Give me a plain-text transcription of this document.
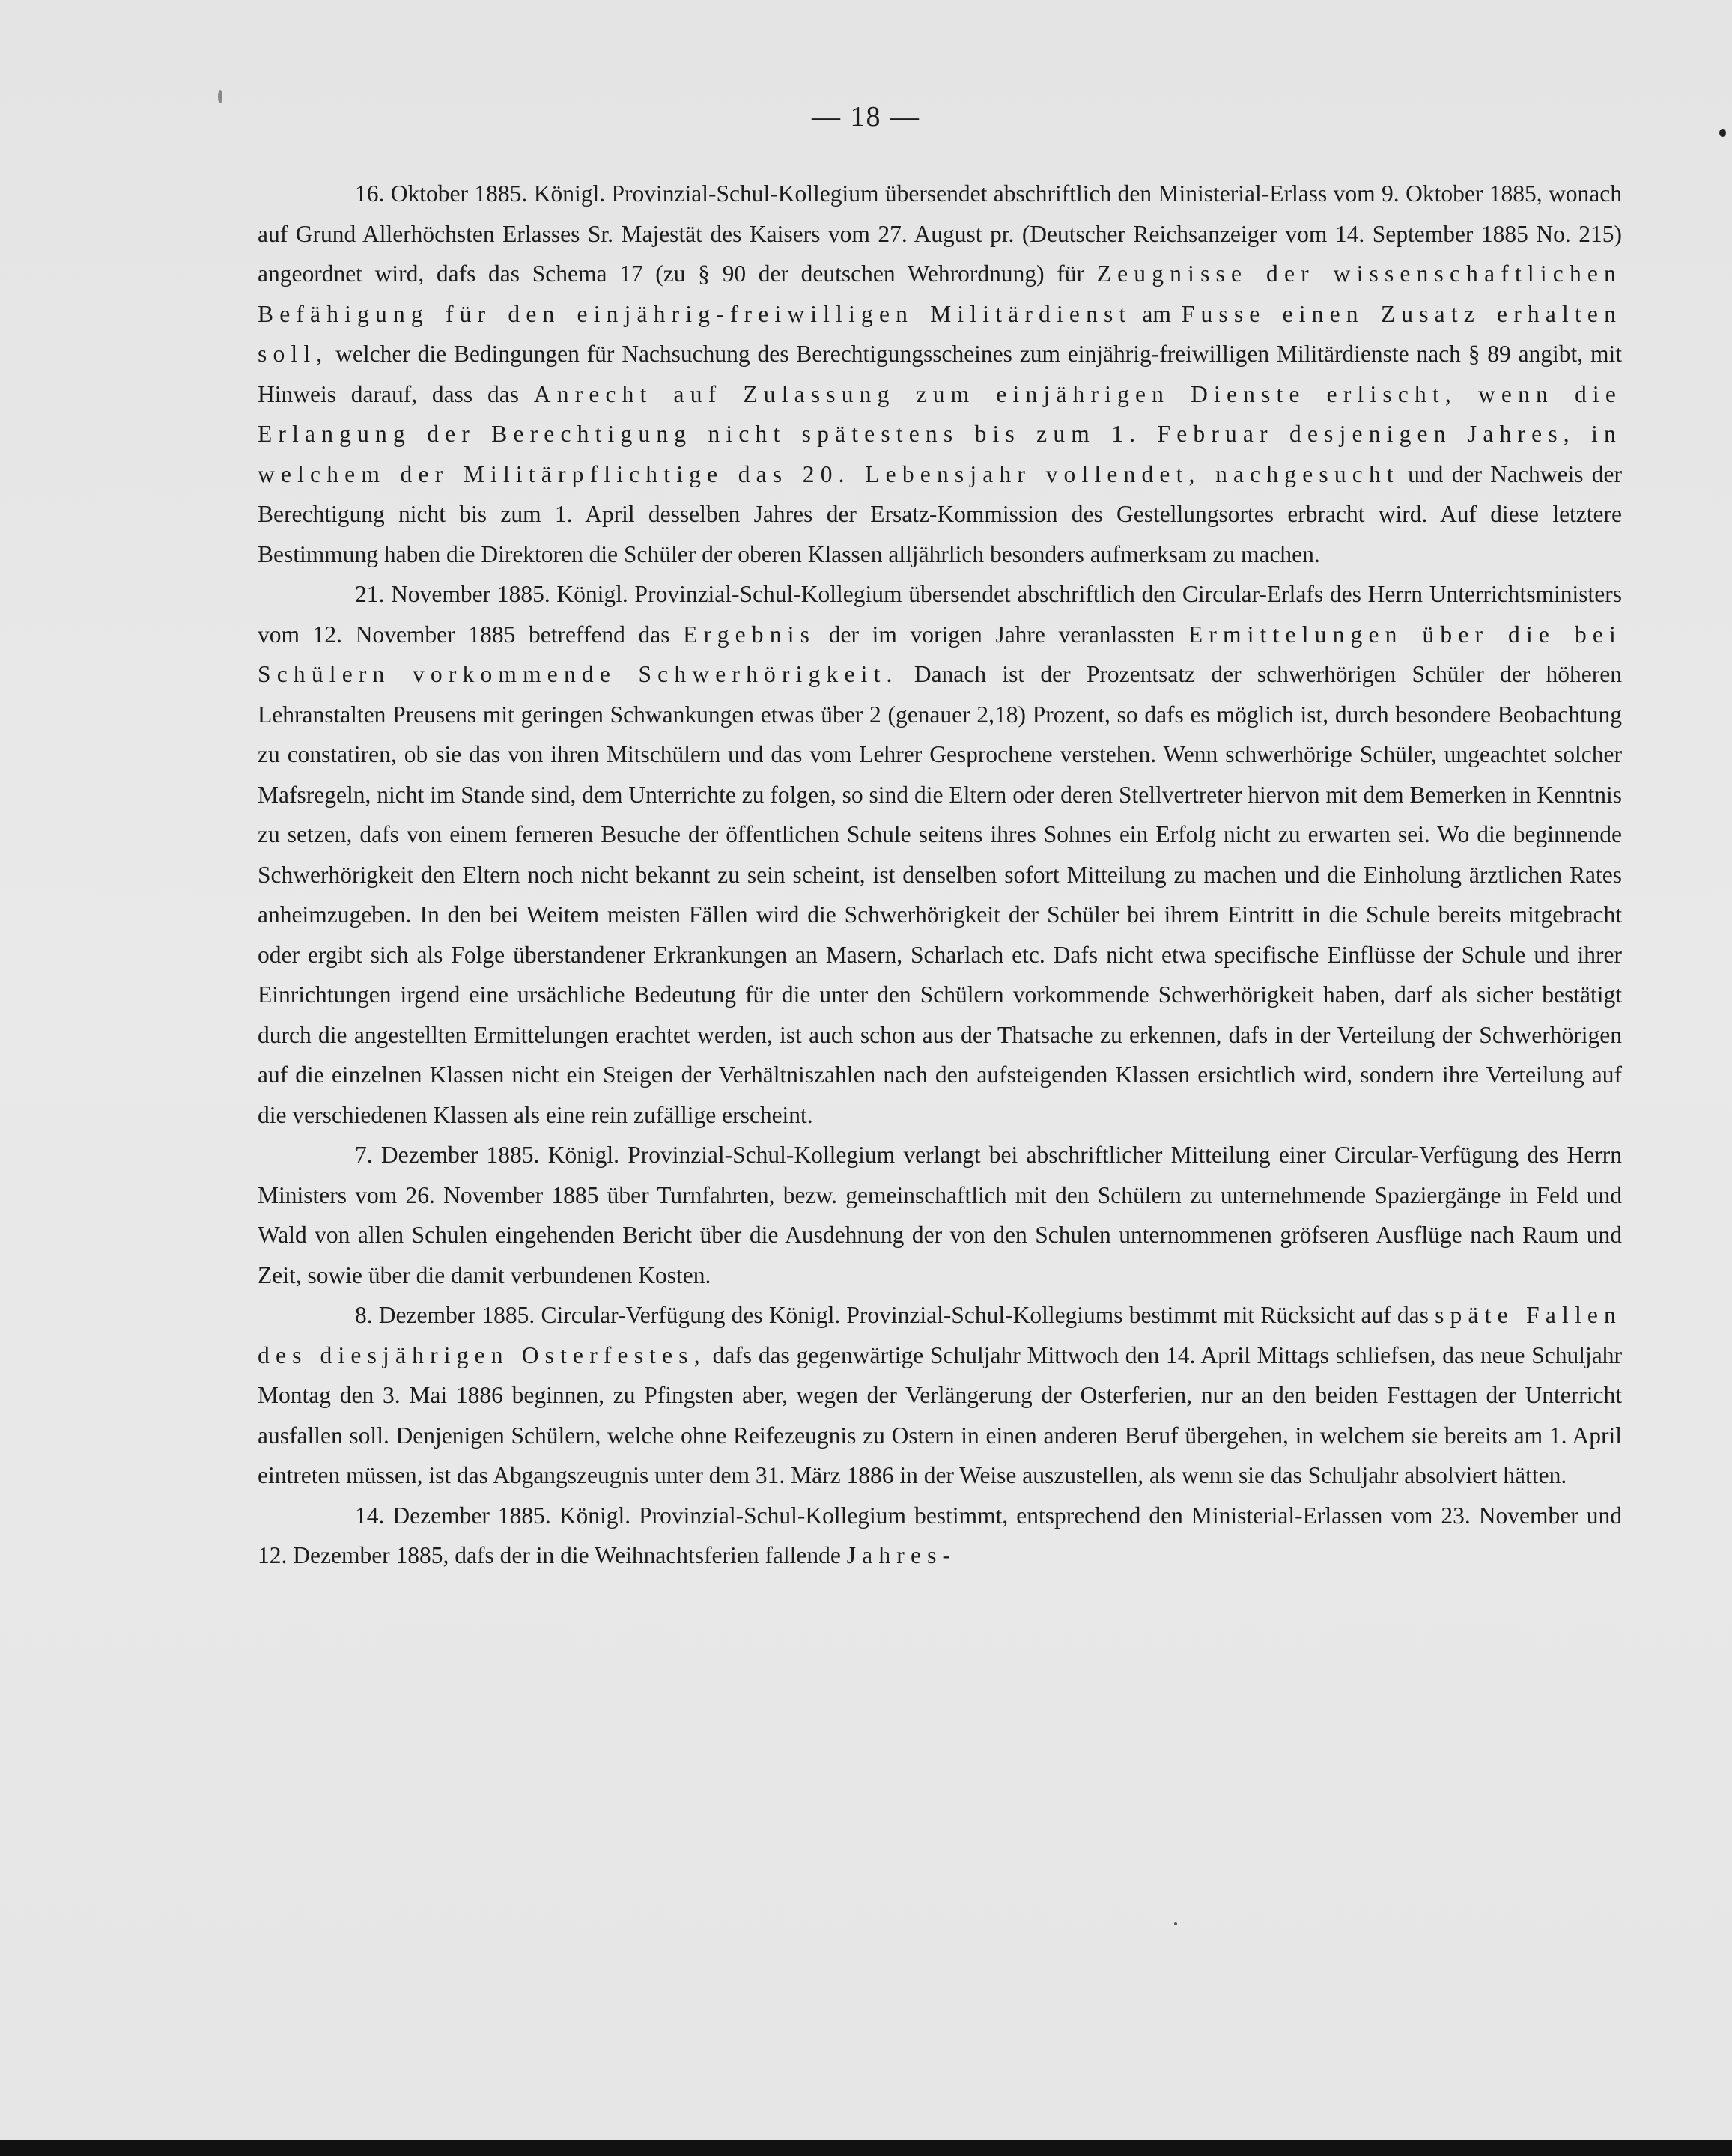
— 18 —

16. Oktober 1885. Königl. Provinzial-Schul-Kollegium übersendet abschriftlich den Ministerial-Erlass vom 9. Oktober 1885, wonach auf Grund Allerhöchsten Erlasses Sr. Majestät des Kaisers vom 27. August pr. (Deutscher Reichsanzeiger vom 14. September 1885 No. 215) angeordnet wird, dafs das Schema 17 (zu § 90 der deutschen Wehrordnung) für Zeugnisse der wissenschaftlichen Befähigung für den einjährig-freiwilligen Militärdienst am Fusse einen Zusatz erhalten soll, welcher die Bedingungen für Nachsuchung des Berechtigungsscheines zum einjährig-freiwilligen Militärdienste nach § 89 angibt, mit Hinweis darauf, dass das Anrecht auf Zulassung zum einjährigen Dienste erlischt, wenn die Erlangung der Berechtigung nicht spätestens bis zum 1. Februar desjenigen Jahres, in welchem der Militärpflichtige das 20. Lebensjahr vollendet, nachgesucht und der Nachweis der Berechtigung nicht bis zum 1. April desselben Jahres der Ersatz-Kommission des Gestellungsortes erbracht wird. Auf diese letztere Bestimmung haben die Direktoren die Schüler der oberen Klassen alljährlich besonders aufmerksam zu machen.

21. November 1885. Königl. Provinzial-Schul-Kollegium übersendet abschriftlich den Circular-Erlafs des Herrn Unterrichtsministers vom 12. November 1885 betreffend das Ergebnis der im vorigen Jahre veranlassten Ermittelungen über die bei Schülern vorkommende Schwerhörigkeit. Danach ist der Prozentsatz der schwerhörigen Schüler der höheren Lehranstalten Preusens mit geringen Schwankungen etwas über 2 (genauer 2,18) Prozent, so dafs es möglich ist, durch besondere Beobachtung zu constatiren, ob sie das von ihren Mitschülern und das vom Lehrer Gesprochene verstehen. Wenn schwerhörige Schüler, ungeachtet solcher Mafsregeln, nicht im Stande sind, dem Unterrichte zu folgen, so sind die Eltern oder deren Stellvertreter hiervon mit dem Bemerken in Kenntnis zu setzen, dafs von einem ferneren Besuche der öffentlichen Schule seitens ihres Sohnes ein Erfolg nicht zu erwarten sei. Wo die beginnende Schwerhörigkeit den Eltern noch nicht bekannt zu sein scheint, ist denselben sofort Mitteilung zu machen und die Einholung ärztlichen Rates anheimzugeben. In den bei Weitem meisten Fällen wird die Schwerhörigkeit der Schüler bei ihrem Eintritt in die Schule bereits mitgebracht oder ergibt sich als Folge überstandener Erkrankungen an Masern, Scharlach etc. Dafs nicht etwa specifische Einflüsse der Schule und ihrer Einrichtungen irgend eine ursächliche Bedeutung für die unter den Schülern vorkommende Schwerhörigkeit haben, darf als sicher bestätigt durch die angestellten Ermittelungen erachtet werden, ist auch schon aus der Thatsache zu erkennen, dafs in der Verteilung der Schwerhörigen auf die einzelnen Klassen nicht ein Steigen der Verhältniszahlen nach den aufsteigenden Klassen ersichtlich wird, sondern ihre Verteilung auf die verschiedenen Klassen als eine rein zufällige erscheint.

7. Dezember 1885. Königl. Provinzial-Schul-Kollegium verlangt bei abschriftlicher Mitteilung einer Circular-Verfügung des Herrn Ministers vom 26. November 1885 über Turnfahrten, bezw. gemeinschaftlich mit den Schülern zu unternehmende Spaziergänge in Feld und Wald von allen Schulen eingehenden Bericht über die Ausdehnung der von den Schulen unternommenen gröfseren Ausflüge nach Raum und Zeit, sowie über die damit verbundenen Kosten.

8. Dezember 1885. Circular-Verfügung des Königl. Provinzial-Schul-Kollegiums bestimmt mit Rücksicht auf das späte Fallen des diesjährigen Osterfestes, dafs das gegenwärtige Schuljahr Mittwoch den 14. April Mittags schliefsen, das neue Schuljahr Montag den 3. Mai 1886 beginnen, zu Pfingsten aber, wegen der Verlängerung der Osterferien, nur an den beiden Festtagen der Unterricht ausfallen soll. Denjenigen Schülern, welche ohne Reifezeugnis zu Ostern in einen anderen Beruf übergehen, in welchem sie bereits am 1. April eintreten müssen, ist das Abgangszeugnis unter dem 31. März 1886 in der Weise auszustellen, als wenn sie das Schuljahr absolviert hätten.

14. Dezember 1885. Königl. Provinzial-Schul-Kollegium bestimmt, entsprechend den Ministerial-Erlassen vom 23. November und 12. Dezember 1885, dafs der in die Weihnachtsferien fallende Jahres-
